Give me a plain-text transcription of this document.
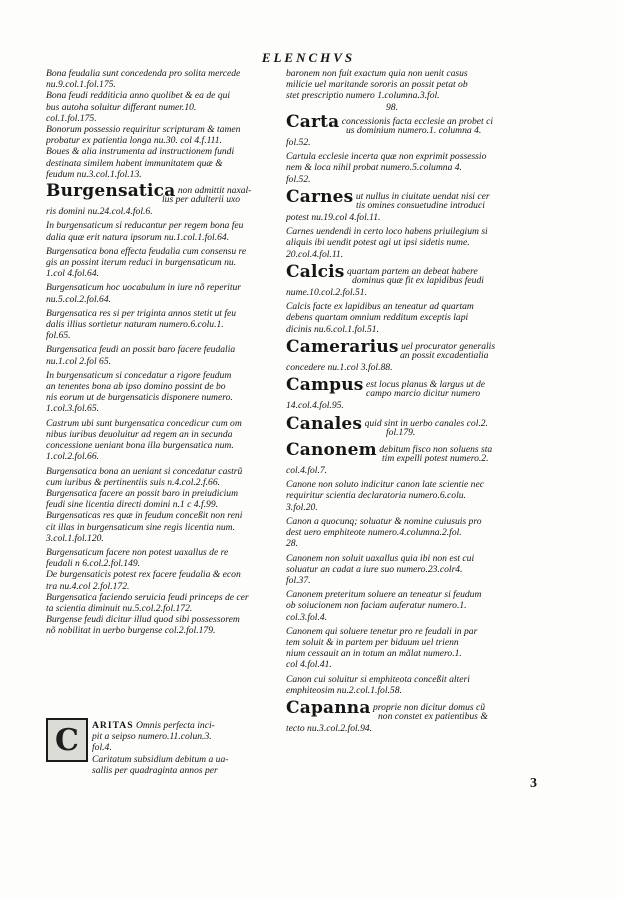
ELENCHVS
Bona feudalia sunt concedenda pro solita mercede
nu.9.col.1.fol.175.
Bona feudi redditicia anno quolibet & ea de qui
bus autoha soluitur differant numer.10.
col.1.fol.175.
Bonorum possessio requiritur scripturam & tamen
probatur ex patientia longa nu.30. col 4.f.111.
Boues & alia instrumenta ad instructionem fundi
destinata similem habent immunitatem quæ &
feudum nu.3.col.1.fol.13.
Burgensatica non admittit naxal-
lus per adulterii uxo
ris domini nu.24.col.4.fol.6.
In burgensaticum si reducantur per regem bona feu
dalia quæ erit natura ipsorum nu.1.col.1.fol.64.
Burgensatica bona effecta feudalia cum consensu re
gis an possint iterum reduci in burgensaticum nu.
1.col 4.fol.64.
Burgensaticum hoc uocabulum in iure nõ reperitur
nu.5.col.2.fol.64.
Burgensatica res si per triginta annos stetit ut feu
dalis illius sortietur naturam numero.6.colu.1.
fol.65.
Burgensatica feudi an possit baro facere feudalia
nu.1.col 2.fol 65.
In burgensaticum si concedatur a rigore feudum
an tenentes bona ab ipso domino possint de bo
nis eorum ut de burgensaticis disponere numero.
1.col.3.fol.65.
Castrum ubi sunt burgensatica concedicur cum om
nibus iuribus deuoluitur ad regem an in secunda
concessione ueniant bona illa burgensatica num.
1.col.2.fol.66.
Burgensatica bona an ueniant si concedatur castrũ
cum iuribus & pertinentiis suis n.4.col.2.f.66.
Burgensatica facere an possit baro in preiudicium
feudi sine licentia directi domini n.1 c 4.f.99.
Burgensaticas res quæ in feudum conceßit non reni
cit illas in burgensaticum sine regis licentia num.
3.col.1.fol.120.
Burgensaticum facere non potest uaxallus de re
feudali n 6.col.2.fol.149.
De burgensaticis potest rex facere feudalia & econ
tra nu.4.col 2.fol.172.
Burgensatica faciendo seruicia feudi princeps de cer
ta scientia diminuit nu.5.col.2.fol.172.
Burgense feudi dicitur illud quod sibi possessorem
nõ nobilitat in uerbo burgense col.2.fol.179.
C	ARITAS Omnis perfecta inci-
pit a seipso numero.11.colun.3.
fol.4.
Caritatum subsidium debitum a ua-
sallis per quadraginta annos per
baronem non fuit exactum quia non uenit casus
milicie uel maritande sororis an possit petat ob
stet prescriptio numero 1.columna.3.fol.
98.
Carta concessionis facta ecclesie an probet ci
us dominium numero.1. columna 4.
fol.52.
Cartula ecclesie incerta quæ non exprimit possessio
nem & loca nihil probat numero.5.columna 4.
fol.52.
Carnes ut nullus in ciuitate uendat nisi cer
tis omines consuetudine introduci
potest nu.19.col 4.fol.11.
Carnes uendendi in certo loco habens priuilegium si
aliquis ibi uendit potest agi ut ipsi sidetis nume.
20.col.4.fol.11.
Calcis quartam partem an debeat habere
dominus quæ fit ex lapidibus feudi
nume.10.col.2.fol.51.
Calcis facte ex lapidibus an teneatur ad quartam
debens quartam omnium redditum exceptis lapi
dicinis nu.6.col.1.fol.51.
Camerarius uel procurator generalis
an possit excadentialia
concedere nu.1.col 3.fol.88.
Campus est locus planus & largus ut de
campo marcio dicitur numero
14.col.4.fol.95.
Canales quid sint in uerbo canales col.2.
fol.179.
Canonem debitum fisco non soluens sta
tim expelli potest numero.2.
col.4.fol.7.
Canone non soluto indicitur canon late scientie nec
requiritur scientia declaratoria numero.6.colu.
3.fol.20.
Canon a quocunq; soluatur & nomine cuiusuis pro
dest uero emphiteote numero.4.columna.2.fol.
28.
Canonem non soluit uaxallus quia ibi non est cui
soluatur an cadat a iure suo numero.23.colr4.
fol.37.
Canonem preteritum soluere an teneatur si feudum
ob soiucionem non faciam auferatur numero.1.
col.3.fol.4.
Canonem qui soluere tenetur pro re feudali in par
tem soluit & in partem per biduum uel trienn
nium cessauit an in totum an mãlat numero.1.
col 4.fol.41.
Canon cui soluitur si emphiteota conceßit alteri
emphiteosim nu.2.col.1.fol.58.
Capanna proprie non dicitur domus cũ
non constet ex patientibus &
tecto nu.3.col.2.fol.94.
3
